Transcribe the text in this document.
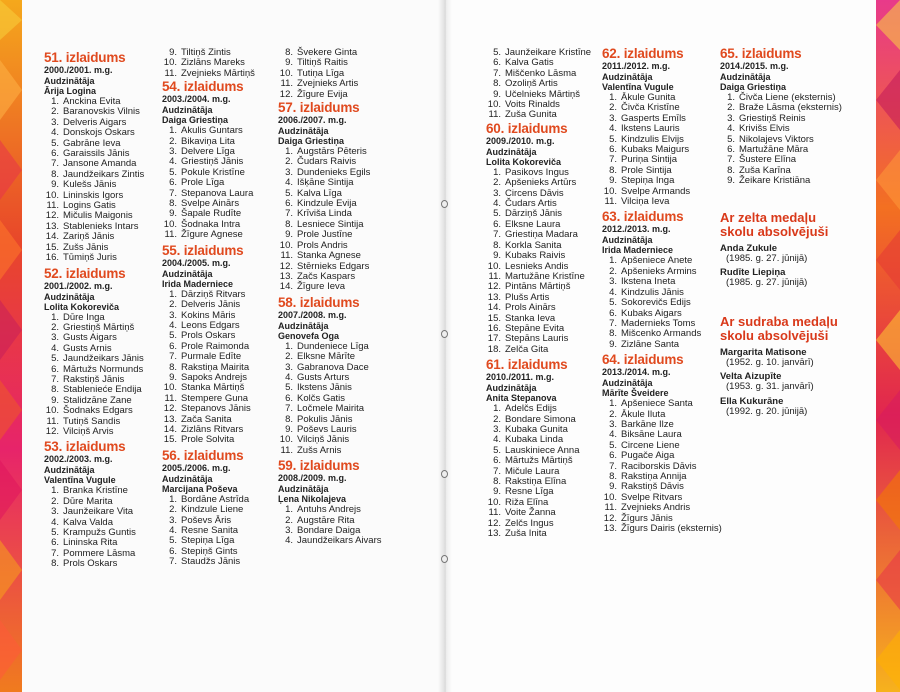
51. izlaidums
2000./2001. m.g.
Audzinātāja
Ārija Logina
1. Anckina Evita
2. Baranovskis Vilnis
3. Delveris Aigars
4. Donskojs Oskars
5. Gabrāne Ieva
6. Garaissils Jānis
7. Jansone Amanda
8. Jaundžeikars Zintis
9. Kulešs Jānis
10. Lininskis Igors
11. Logins Gatis
12. Mičulis Maigonis
13. Stablenieks Intars
14. Zariņš Jānis
15. Zušs Jānis
16. Tūmiņš Juris
52. izlaidums
2001./2002. m.g.
Audzinātāja
Lolita Kokoreviča
1. Dūre Inga
2. Griestiņš Mārtiņš
3. Gusts Aigars
4. Gusts Arnis
5. Jaundžeikars Jānis
6. Mārtužs Normunds
7. Rakstiņš Jānis
8. Stablenieće Endija
9. Stalidzāne Zane
10. Šodnaks Edgars
11. Tutiņš Sandis
12. Vilciņš Arvis
53. izlaidums
2002./2003. m.g.
Audzinātāja
Valentīna Vugule
1. Branka Kristīne
2. Dūre Marita
3. Jaunžeikare Vita
4. Kalva Valda
5. Krampužs Guntis
6. Lininska Rita
7. Pommere Lāsma
8. Prols Oskars
9. Tiltiņš Zintis
10. Zizlāns Mareks
11. Zvejnieks Mārtiņš
54. izlaidums
2003./2004. m.g.
Audzinātāja
Daiga Griestiņa
1. Akulis Guntars
2. Bikaviņa Lita
3. Delvere Līga
4. Griestiņš Jānis
5. Pokule Kristīne
6. Prole Līga
7. Stepanova Laura
8. Svelpe Ainārs
9. Šapale Rudīte
10. Šodnaka Intra
11. Žīgure Agnese
55. izlaidums
2004./2005. m.g.
Audzinātāja
Irida Maderniece
1. Dārziņš Ritvars
2. Delveris Jānis
3. Kokins Māris
4. Leons Edgars
5. Prols Oskars
6. Prole Raimonda
7. Purmale Edīte
8. Rakstiņa Mairita
9. Sapoks Andrejs
10. Stanka Mārtiņš
11. Stempere Guna
12. Stepanovs Jānis
13. Zača Sanita
14. Zizlāns Ritvars
15. Prole Solvita
56. izlaidums
2005./2006. m.g.
Audzinātāja
Marcijana Poševa
1. Bordāne Astrīda
2. Kindzule Liene
3. Poševs Āris
4. Resne Sanita
5. Stepiņa Līga
6. Stepiņš Gints
7. Staudžs Jānis
8. Švekere Ginta
9. Tiltiņš Raitis
10. Tutiņa Līga
11. Zvejnieks Artis
12. Žīgure Evija
57. izlaidums
2006./2007. m.g.
Audzinātāja
Daiga Griestiņa
1. Augstārs Pēteris
2. Čudars Raivis
3. Dundenieks Egils
4. Išķāne Sintija
5. Kalva Līga
6. Kindzule Evija
7. Krīviša Linda
8. Lesniece Sintija
9. Prole Justīne
10. Prols Andris
11. Stanka Agnese
12. Stērnieks Edgars
13. Začs Kaspars
14. Žīgure Ieva
58. izlaidums
2007./2008. m.g.
Audzinātāja
Genovefa Oga
1. Dundeniece Līga
2. Elksne Mārīte
3. Gabranova Dace
4. Gusts Arturs
5. Ikstens Jānis
6. Kolčs Gatis
7. Ločmele Mairita
8. Pokulis Jānis
9. Poševs Lauris
10. Vilciņš Jānis
11. Zušs Arnis
59. izlaidums
2008./2009. m.g.
Audzinātāja
Ļena Nikolajeva
1. Antuhs Andrejs
2. Augstāre Rita
3. Bondare Daiga
4. Jaundžeikars Aivars
5. Jaunžeikare Kristīne
6. Kalva Gatis
7. Miščenko Lāsma
8. Ozoliņš Artis
9. Učelnieks Mārtiņš
10. Voits Rinalds
11. Zuša Gunita
60. izlaidums
2009./2010. m.g.
Audzinātāja
Lolita Kokoreviča
1. Pasikovs Ingus
2. Apšenieks Artūrs
3. Circens Dāvis
4. Čudars Artis
5. Dārziņš Jānis
6. Elksne Laura
7. Griestiņa Madara
8. Korkla Sanita
9. Kubaks Raivis
10. Lesnieks Andis
11. Martužāne Kristīne
12. Pintāns Mārtiņš
13. Plušs Artis
14. Prols Ainārs
15. Stanka Ieva
16. Stepāne Evita
17. Stepāns Lauris
18. Zelča Gita
61. izlaidums
2010./2011. m.g.
Audzinātāja
Anita Stepanova
1. Adelčs Edijs
2. Bondare Simona
3. Kubaka Gunita
4. Kubaka Linda
5. Lauskiniece Anna
6. Mārtužs Mārtiņš
7. Mičule Laura
8. Rakstiņa Elīna
9. Resne Līga
10. Riža Elīna
11. Voite Žanna
12. Zelčs Ingus
13. Zuša Inita
62. izlaidums
2011./2012. m.g.
Audzinātāja
Valentīna Vugule
1. Ākule Gunita
2. Čivča Kristīne
3. Gasperts Emīls
4. Ikstens Lauris
5. Kindzulis Elvijs
6. Kubaks Maigurs
7. Puriņa Sintija
8. Prole Sintija
9. Stepiņa Inga
10. Svelpe Armands
11. Vilciņa Ieva
63. izlaidums
2012./2013. m.g.
Audzinātāja
Irida Maderniece
1. Apšeniece Anete
2. Apšenieks Armins
3. Ikstena Ineta
4. Kindzulis Jānis
5. Sokorevičs Edijs
6. Kubaks Aigars
7. Madernieks Toms
8. Mišcenko Armands
9. Zizlāne Santa
64. izlaidums
2013./2014. m.g.
Audzinātāja
Mārīte Šveidere
1. Apšeniece Santa
2. Ākule Iluta
3. Barkāne Ilze
4. Biksāne Laura
5. Circene Liene
6. Pugače Aiga
7. Raciborskis Dāvis
8. Rakstiņa Annija
9. Rakstiņš Dāvis
10. Svelpe Ritvars
11. Zvejnieks Andris
12. Žīgurs Jānis
13. Žīgurs Dairis (eksternis)
65. izlaidums
2014./2015. m.g.
Audzinātāja
Daiga Griestiņa
1. Čivča Liene (eksternis)
2. Braže Lāsma (eksternis)
3. Griestiņš Reinis
4. Krivišs Elvis
5. Nikolajevs Viktors
6. Martužāne Māra
7. Šustere Elīna
8. Zuša Karīna
9. Žeikare Kristiāna
Ar zelta medaļu
skolu absolvējuši
Anda Zukule
(1985. g. 27. jūnijā)
Rudīte Liepiņa
(1985. g. 27. jūnijā)
Ar sudraba medaļu
skolu absolvējuši
Margarita Matisone
(1952. g. 10. janvārī)
Velta Aizupīte
(1953. g. 31. janvārī)
Ella Kukurāne
(1992. g. 20. jūnijā)
